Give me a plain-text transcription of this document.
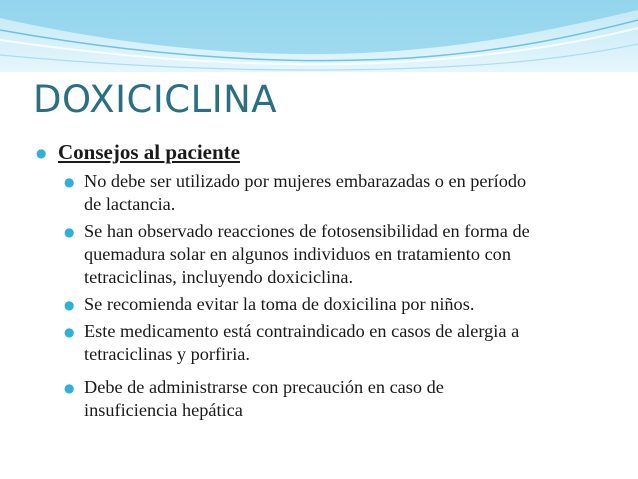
DOXICICLINA
● Consejos al paciente
● No debe ser utilizado por mujeres embarazadas o en período
de lactancia.
● Se han observado reacciones de fotosensibilidad en forma de
quemadura solar en algunos individuos en tratamiento con
tetraciclinas, incluyendo doxiciclina.
● Se recomienda evitar la toma de doxicilina por niños.
● Este medicamento está contraindicado en casos de alergia a
tetraciclinas y porfiria.
● Debe de administrarse con precaución en caso de
insuficiencia hepática
